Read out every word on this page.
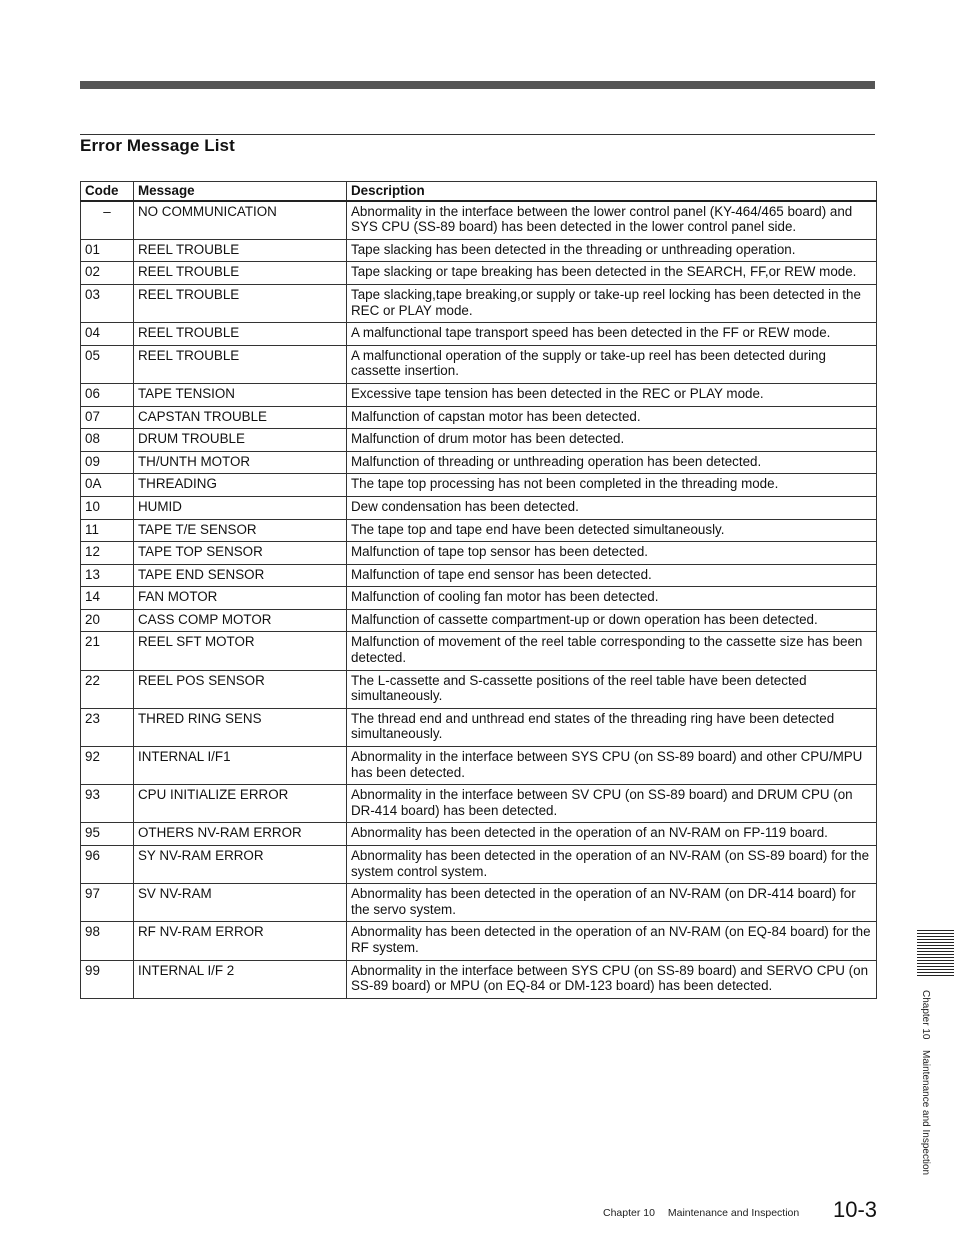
Error Message List
Code	Message	Description
–	NO COMMUNICATION	Abnormality in the interface between the lower control panel (KY-464/465 board) and SYS CPU (SS-89 board) has been detected in the lower control panel side.
01	REEL TROUBLE	Tape slacking has been detected in the threading or unthreading operation.
02	REEL TROUBLE	Tape slacking or tape breaking has been detected in the SEARCH, FF,or REW mode.
03	REEL TROUBLE	Tape slacking,tape breaking,or supply or take-up reel locking has been detected in the REC or PLAY mode.
04	REEL TROUBLE	A malfunctional tape transport speed has been detected in the FF or REW mode.
05	REEL TROUBLE	A malfunctional operation of the supply or take-up reel has been detected during cassette insertion.
06	TAPE TENSION	Excessive tape tension has been detected in the REC or PLAY mode.
07	CAPSTAN TROUBLE	Malfunction of capstan motor has been detected.
08	DRUM TROUBLE	Malfunction of drum motor has been detected.
09	TH/UNTH MOTOR	Malfunction of threading or unthreading operation has been detected.
0A	THREADING	The tape top processing has not been completed in the threading mode.
10	HUMID	Dew condensation has been detected.
11	TAPE T/E SENSOR	The tape top and tape end have been detected simultaneously.
12	TAPE TOP SENSOR	Malfunction of tape top sensor has been detected.
13	TAPE END SENSOR	Malfunction of tape end sensor has been detected.
14	FAN MOTOR	Malfunction of cooling fan motor has been detected.
20	CASS COMP MOTOR	Malfunction of cassette compartment-up or down operation has been detected.
21	REEL SFT MOTOR	Malfunction of movement of the reel table corresponding to the cassette size has been detected.
22	REEL POS SENSOR	The L-cassette and S-cassette positions of the reel table have been detected simultaneously.
23	THRED RING SENS	The thread end and unthread end states of the threading ring have been detected simultaneously.
92	INTERNAL I/F1	Abnormality in the interface between SYS CPU (on SS-89 board) and other CPU/MPU has been detected.
93	CPU INITIALIZE ERROR	Abnormality in the interface between SV CPU (on SS-89 board) and DRUM CPU (on DR-414 board) has been detected.
95	OTHERS NV-RAM ERROR	Abnormality has been detected in the operation of an NV-RAM on FP-119 board.
96	SY NV-RAM ERROR	Abnormality has been detected in the operation of an NV-RAM (on SS-89 board) for the system control system.
97	SV NV-RAM	Abnormality has been detected in the operation of an NV-RAM (on DR-414 board) for the servo system.
98	RF NV-RAM ERROR	Abnormality has been detected in the operation of an NV-RAM (on EQ-84 board) for the RF system.
99	INTERNAL I/F 2	Abnormality in the interface between SYS CPU (on SS-89 board) and SERVO CPU (on SS-89 board) or MPU (on EQ-84 or DM-123 board) has been detected.
Chapter 10 Maintenance and Inspection
Chapter 10 Maintenance and Inspection 10-3
